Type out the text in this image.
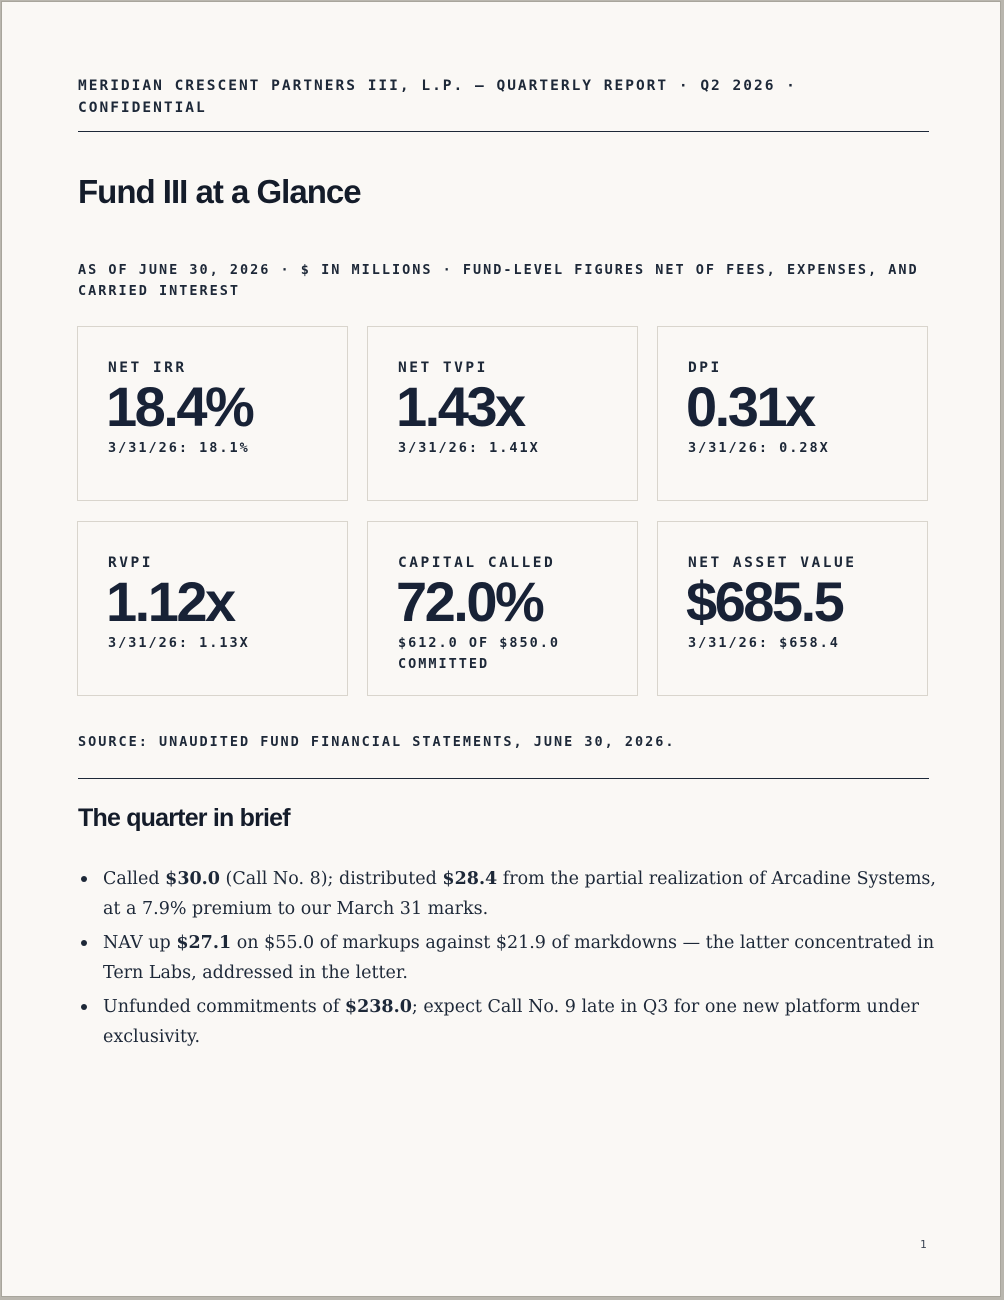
MERIDIAN CRESCENT PARTNERS III, L.P. — QUARTERLY REPORT · Q2 2026 · CONFIDENTIAL
Fund III at a Glance
AS OF JUNE 30, 2026 · $ IN MILLIONS · FUND-LEVEL FIGURES NET OF FEES, EXPENSES, AND CARRIED INTEREST
NET IRR
18.4%
3/31/26: 18.1%
NET TVPI
1.43x
3/31/26: 1.41X
DPI
0.31x
3/31/26: 0.28X
RVPI
1.12x
3/31/26: 1.13X
CAPITAL CALLED
72.0%
$612.0 OF $850.0 COMMITTED
NET ASSET VALUE
$685.5
3/31/26: $658.4
SOURCE: UNAUDITED FUND FINANCIAL STATEMENTS, JUNE 30, 2026.
The quarter in brief
Called $30.0 (Call No. 8); distributed $28.4 from the partial realization of Arcadine Systems, at a 7.9% premium to our March 31 marks.
NAV up $27.1 on $55.0 of markups against $21.9 of markdowns — the latter concentrated in Tern Labs, addressed in the letter.
Unfunded commitments of $238.0; expect Call No. 9 late in Q3 for one new platform under exclusivity.
1
